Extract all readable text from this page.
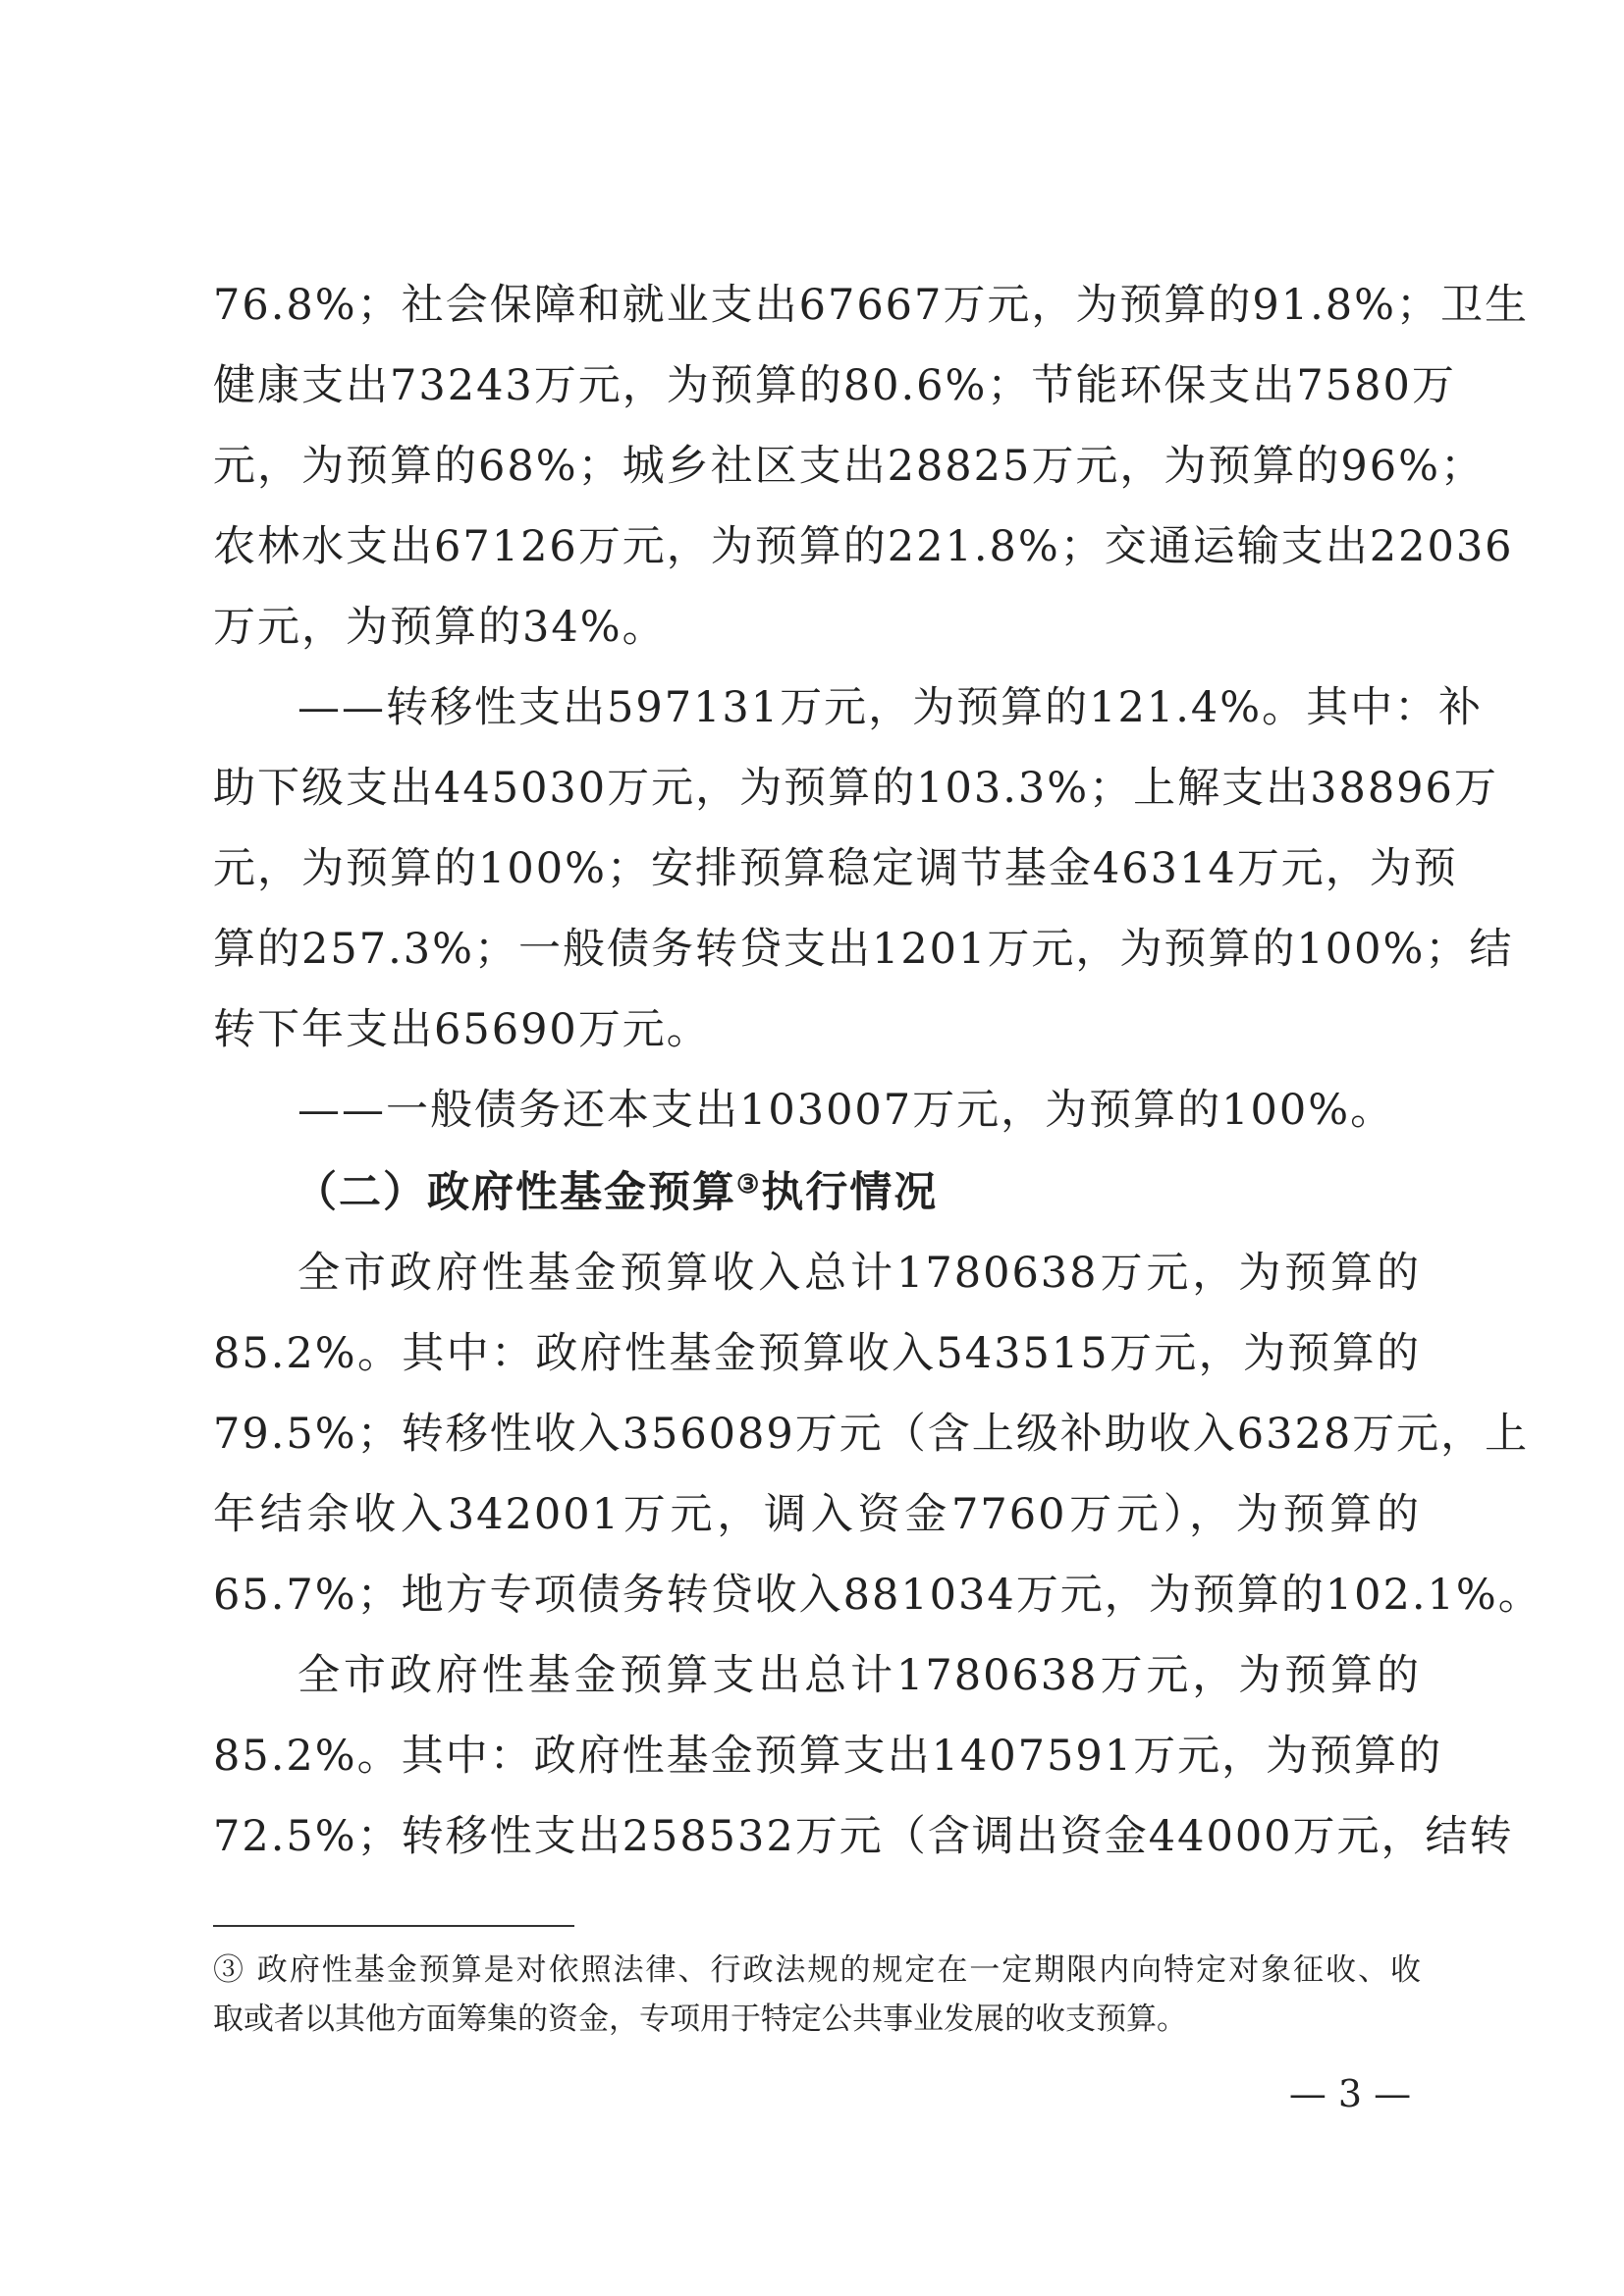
76.8%；社会保障和就业支出67667万元，为预算的91.8%；卫生
健康支出73243万元，为预算的80.6%；节能环保支出7580万
元，为预算的68%；城乡社区支出28825万元，为预算的96%；
农林水支出67126万元，为预算的221.8%；交通运输支出22036
万元，为预算的34%。
——转移性支出597131万元，为预算的121.4%。其中：补
助下级支出445030万元，为预算的103.3%；上解支出38896万
元，为预算的100%；安排预算稳定调节基金46314万元，为预
算的257.3%；一般债务转贷支出1201万元，为预算的100%；结
转下年支出65690万元。
——一般债务还本支出103007万元，为预算的100%。
（二）政府性基金预算③执行情况
全市政府性基金预算收入总计1780638万元，为预算的
85.2%。其中：政府性基金预算收入543515万元，为预算的
79.5%；转移性收入356089万元（含上级补助收入6328万元，上
年结余收入342001万元，调入资金7760万元），为预算的
65.7%；地方专项债务转贷收入881034万元，为预算的102.1%。
全市政府性基金预算支出总计1780638万元，为预算的
85.2%。其中：政府性基金预算支出1407591万元，为预算的
72.5%；转移性支出258532万元（含调出资金44000万元，结转
③ 政府性基金预算是对依照法律、行政法规的规定在一定期限内向特定对象征收、收
取或者以其他方面筹集的资金，专项用于特定公共事业发展的收支预算。
— 3 —
